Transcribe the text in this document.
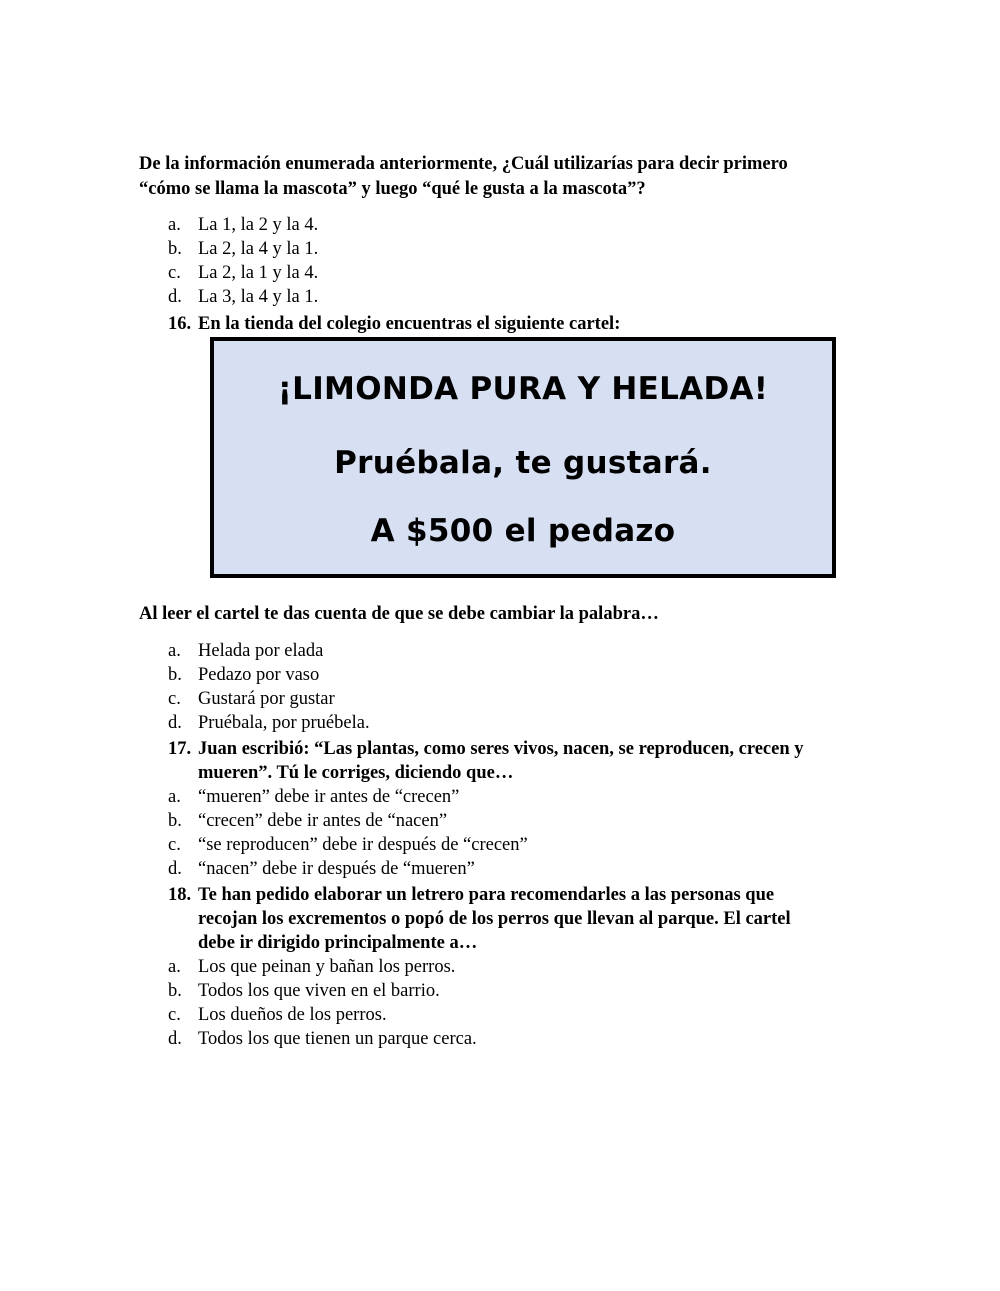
De la información enumerada anteriormente, ¿Cuál utilizarías para decir primero
“cómo se llama la mascota” y luego “qué le gusta a la mascota”?
a. La 1, la 2 y la 4.
b. La 2, la 4 y la 1.
c. La 2, la 1 y la 4.
d. La 3, la 4 y la 1.
16. En la tienda del colegio encuentras el siguiente cartel:
¡LIMONDA PURA Y HELADA!
Pruébala, te gustará.
A $500 el pedazo
Al leer el cartel te das cuenta de que se debe cambiar la palabra…
a. Helada por elada
b. Pedazo por vaso
c. Gustará por gustar
d. Pruébala, por pruébela.
17. Juan escribió: “Las plantas, como seres vivos, nacen, se reproducen, crecen y
mueren”. Tú le corriges, diciendo que…
a. “mueren” debe ir antes de “crecen”
b. “crecen” debe ir antes de “nacen”
c. “se reproducen” debe ir después de “crecen”
d. “nacen” debe ir después de “mueren”
18. Te han pedido elaborar un letrero para recomendarles a las personas que
recojan los excrementos o popó de los perros que llevan al parque. El cartel
debe ir dirigido principalmente a…
a. Los que peinan y bañan los perros.
b. Todos los que viven en el barrio.
c. Los dueños de los perros.
d. Todos los que tienen un parque cerca.
